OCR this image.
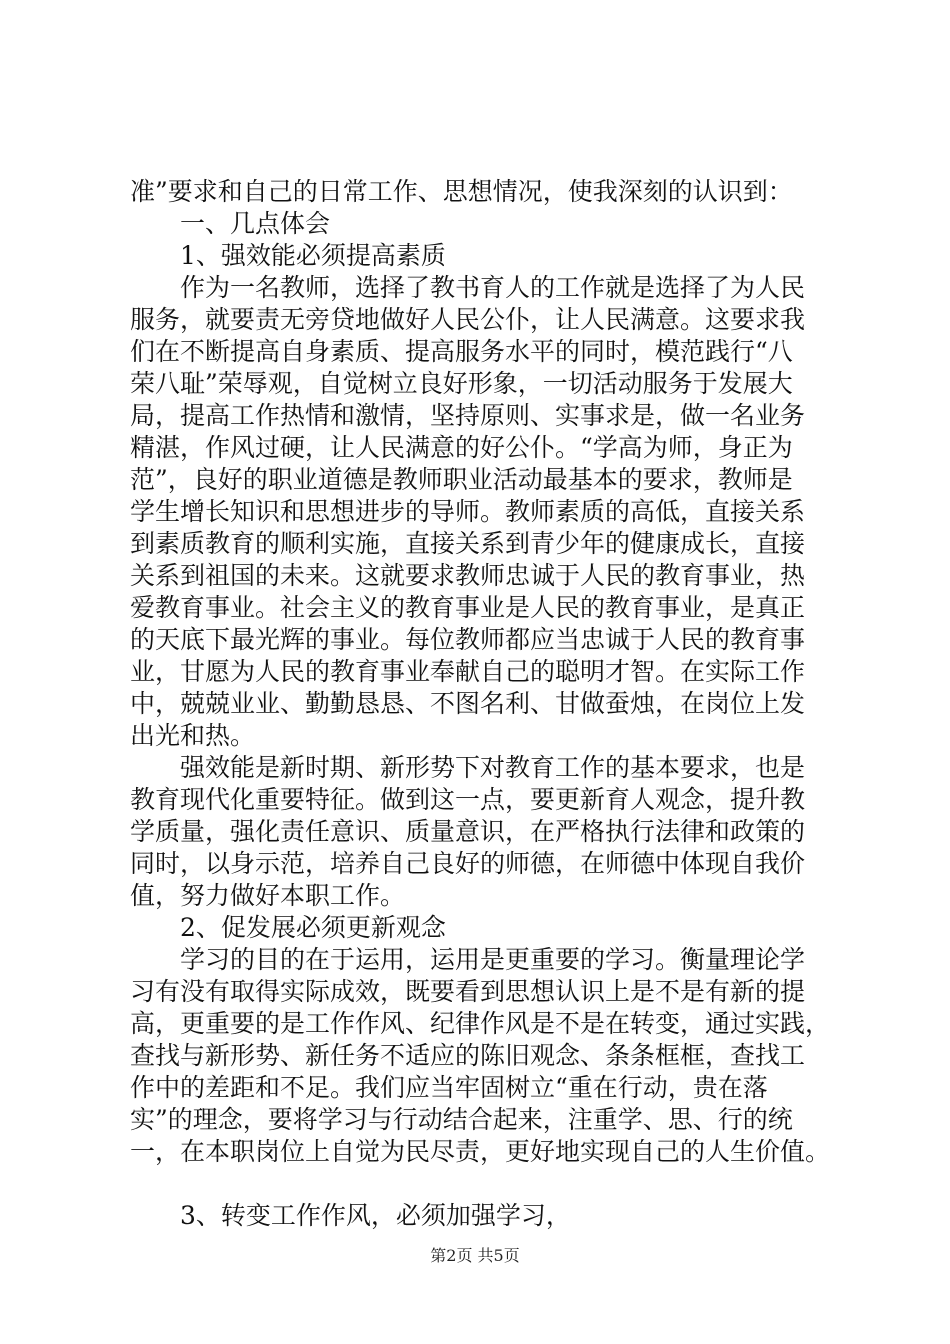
准”要求和自己的日常工作、思想情况，使我深刻的认识到：
一、几点体会
1、强效能必须提高素质
作为一名教师，选择了教书育人的工作就是选择了为人民
服务，就要责无旁贷地做好人民公仆，让人民满意。这要求我
们在不断提高自身素质、提高服务水平的同时，模范践行“八
荣八耻”荣辱观，自觉树立良好形象，一切活动服务于发展大
局，提高工作热情和激情，坚持原则、实事求是，做一名业务
精湛，作风过硬，让人民满意的好公仆。“学高为师，身正为
范”，良好的职业道德是教师职业活动最基本的要求，教师是
学生增长知识和思想进步的导师。教师素质的高低，直接关系
到素质教育的顺利实施，直接关系到青少年的健康成长，直接
关系到祖国的未来。这就要求教师忠诚于人民的教育事业，热
爱教育事业。社会主义的教育事业是人民的教育事业，是真正
的天底下最光辉的事业。每位教师都应当忠诚于人民的教育事
业，甘愿为人民的教育事业奉献自己的聪明才智。在实际工作
中，兢兢业业、勤勤恳恳、不图名利、甘做蚕烛，在岗位上发
出光和热。
强效能是新时期、新形势下对教育工作的基本要求，也是
教育现代化重要特征。做到这一点，要更新育人观念，提升教
学质量，强化责任意识、质量意识，在严格执行法律和政策的
同时，以身示范，培养自己良好的师德，在师德中体现自我价
值，努力做好本职工作。
2、促发展必须更新观念
学习的目的在于运用，运用是更重要的学习。衡量理论学
习有没有取得实际成效，既要看到思想认识上是不是有新的提
高，更重要的是工作作风、纪律作风是不是在转变，通过实践，
查找与新形势、新任务不适应的陈旧观念、条条框框，查找工
作中的差距和不足。我们应当牢固树立“重在行动，贵在落
实”的理念，要将学习与行动结合起来，注重学、思、行的统
一，在本职岗位上自觉为民尽责，更好地实现自己的人生价值。
3、转变工作作风，必须加强学习，
第2页 共5页
